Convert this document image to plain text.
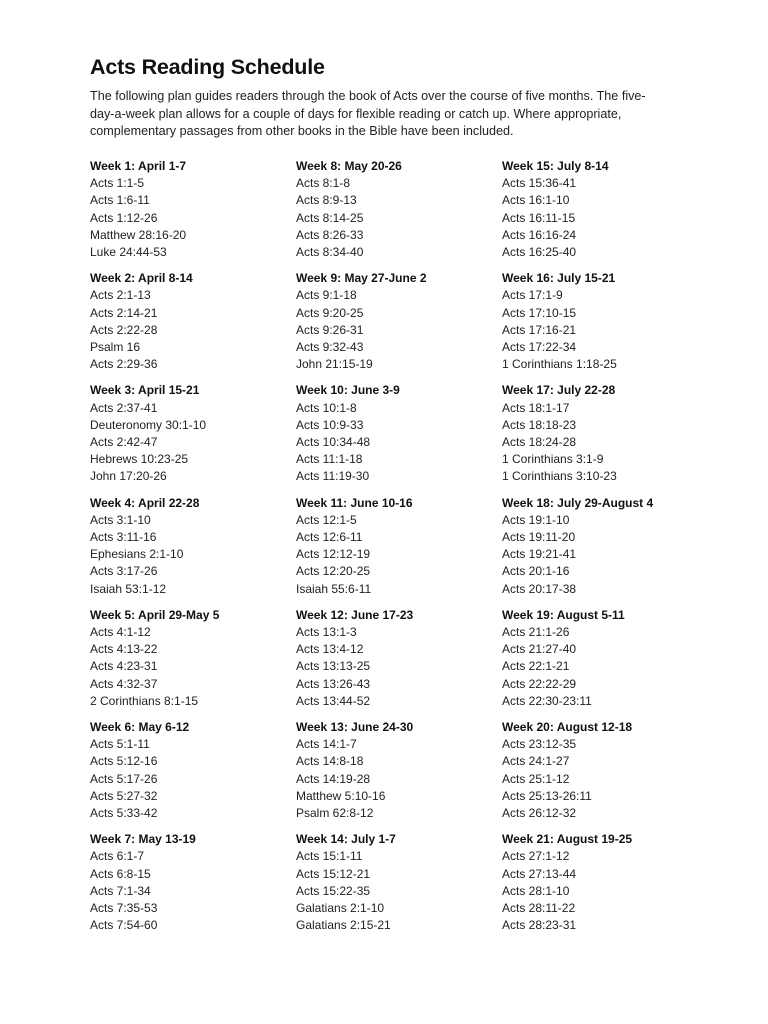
Acts Reading Schedule

The following plan guides readers through the book of Acts over the course of five months. The five-day-a-week plan allows for a couple of days for flexible reading or catch up. Where appropriate, complementary passages from other books in the Bible have been included.

Week 1: April 1-7
Acts 1:1-5
Acts 1:6-11
Acts 1:12-26
Matthew 28:16-20
Luke 24:44-53
Week 8: May 20-26
Acts 8:1-8
Acts 8:9-13
Acts 8:14-25
Acts 8:26-33
Acts 8:34-40
Week 15: July 8-14
Acts 15:36-41
Acts 16:1-10
Acts 16:11-15
Acts 16:16-24
Acts 16:25-40
Week 2: April 8-14
Acts 2:1-13
Acts 2:14-21
Acts 2:22-28
Psalm 16
Acts 2:29-36
Week 9: May 27-June 2
Acts 9:1-18
Acts 9:20-25
Acts 9:26-31
Acts 9:32-43
John 21:15-19
Week 16: July 15-21
Acts 17:1-9
Acts 17:10-15
Acts 17:16-21
Acts 17:22-34
1 Corinthians 1:18-25
Week 3: April 15-21
Acts 2:37-41
Deuteronomy 30:1-10
Acts 2:42-47
Hebrews 10:23-25
John 17:20-26
Week 10: June 3-9
Acts 10:1-8
Acts 10:9-33
Acts 10:34-48
Acts 11:1-18
Acts 11:19-30
Week 17: July 22-28
Acts 18:1-17
Acts 18:18-23
Acts 18:24-28
1 Corinthians 3:1-9
1 Corinthians 3:10-23
Week 4: April 22-28
Acts 3:1-10
Acts 3:11-16
Ephesians 2:1-10
Acts 3:17-26
Isaiah 53:1-12
Week 11: June 10-16
Acts 12:1-5
Acts 12:6-11
Acts 12:12-19
Acts 12:20-25
Isaiah 55:6-11
Week 18: July 29-August 4
Acts 19:1-10
Acts 19:11-20
Acts 19:21-41
Acts 20:1-16
Acts 20:17-38
Week 5: April 29-May 5
Acts 4:1-12
Acts 4:13-22
Acts 4:23-31
Acts 4:32-37
2 Corinthians 8:1-15
Week 12: June 17-23
Acts 13:1-3
Acts 13:4-12
Acts 13:13-25
Acts 13:26-43
Acts 13:44-52
Week 19: August 5-11
Acts 21:1-26
Acts 21:27-40
Acts 22:1-21
Acts 22:22-29
Acts 22:30-23:11
Week 6: May 6-12
Acts 5:1-11
Acts 5:12-16
Acts 5:17-26
Acts 5:27-32
Acts 5:33-42
Week 13: June 24-30
Acts 14:1-7
Acts 14:8-18
Acts 14:19-28
Matthew 5:10-16
Psalm 62:8-12
Week 20: August 12-18
Acts 23:12-35
Acts 24:1-27
Acts 25:1-12
Acts 25:13-26:11
Acts 26:12-32
Week 7: May 13-19
Acts 6:1-7
Acts 6:8-15
Acts 7:1-34
Acts 7:35-53
Acts 7:54-60
Week 14: July 1-7
Acts 15:1-11
Acts 15:12-21
Acts 15:22-35
Galatians 2:1-10
Galatians 2:15-21
Week 21: August 19-25
Acts 27:1-12
Acts 27:13-44
Acts 28:1-10
Acts 28:11-22
Acts 28:23-31
